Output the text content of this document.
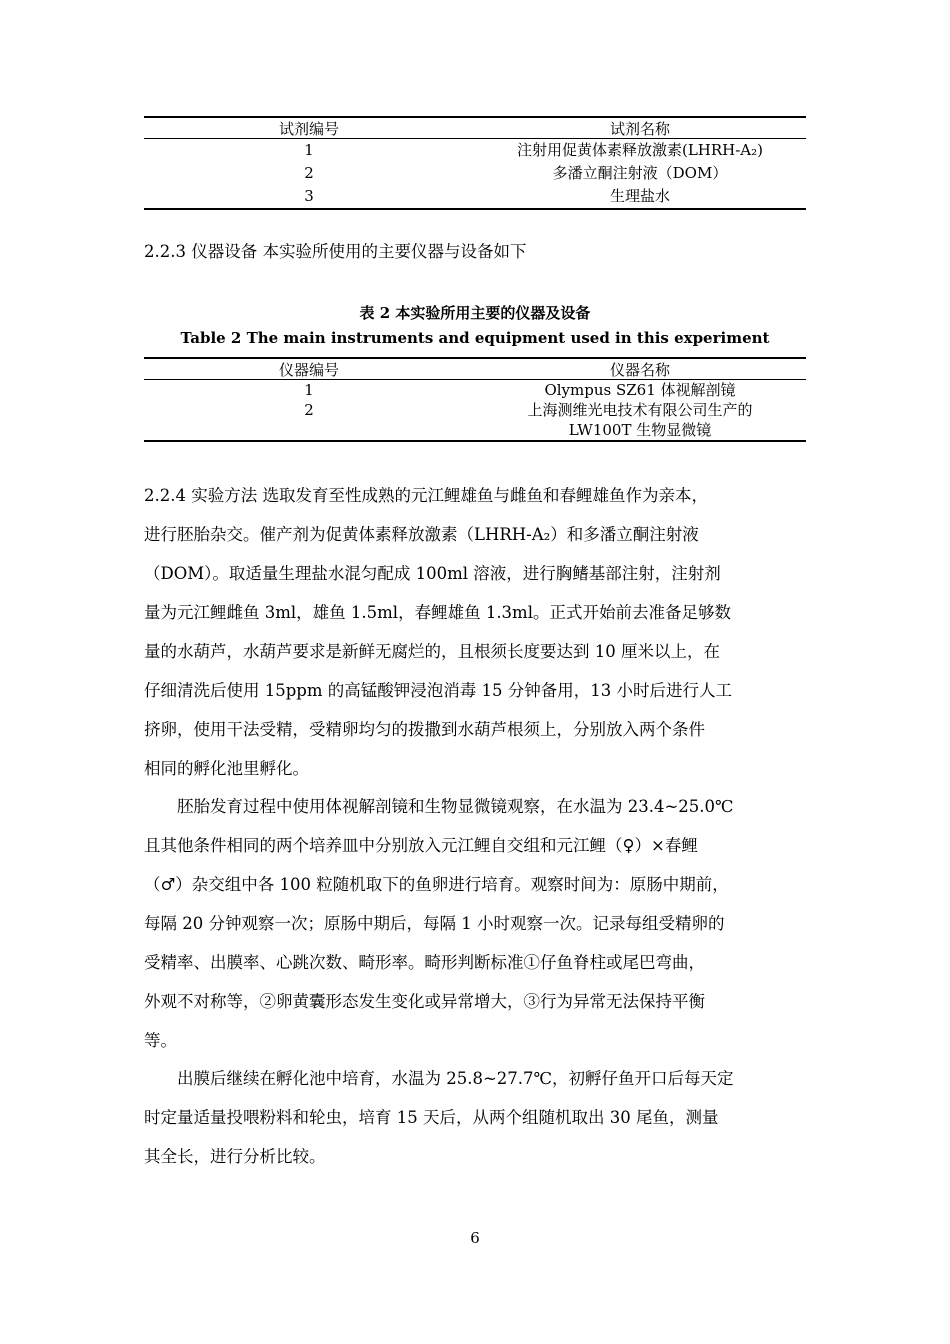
试剂编号	试剂名称
1	注射用促黄体素释放激素(LHRH-A₂)
2	多潘立酮注射液（DOM）
3	生理盐水
2.2.3 仪器设备 本实验所使用的主要仪器与设备如下
表 2 本实验所用主要的仪器及设备
Table 2 The main instruments and equipment used in this experiment
仪器编号	仪器名称
1	Olympus SZ61 体视解剖镜
2	上海测维光电技术有限公司生产的
LW100T 生物显微镜
2.2.4 实验方法 选取发育至性成熟的元江鲤雄鱼与雌鱼和春鲤雄鱼作为亲本，
进行胚胎杂交。催产剂为促黄体素释放激素（LHRH-A₂）和多潘立酮注射液
（DOM）。取适量生理盐水混匀配成 100ml 溶液，进行胸鳍基部注射，注射剂
量为元江鲤雌鱼 3ml，雄鱼 1.5ml，春鲤雄鱼 1.3ml。正式开始前去准备足够数
量的水葫芦，水葫芦要求是新鲜无腐烂的，且根须长度要达到 10 厘米以上，在
仔细清洗后使用 15ppm 的高锰酸钾浸泡消毒 15 分钟备用，13 小时后进行人工
挤卵，使用干法受精，受精卵均匀的拨撒到水葫芦根须上，分别放入两个条件
相同的孵化池里孵化。
　　胚胎发育过程中使用体视解剖镜和生物显微镜观察，在水温为 23.4~25.0℃
且其他条件相同的两个培养皿中分别放入元江鲤自交组和元江鲤（♀）×春鲤
（♂）杂交组中各 100 粒随机取下的鱼卵进行培育。观察时间为：原肠中期前，
每隔 20 分钟观察一次；原肠中期后，每隔 1 小时观察一次。记录每组受精卵的
受精率、出膜率、心跳次数、畸形率。畸形判断标准①仔鱼脊柱或尾巴弯曲，
外观不对称等，②卵黄囊形态发生变化或异常增大，③行为异常无法保持平衡
等。
　　出膜后继续在孵化池中培育，水温为 25.8~27.7℃，初孵仔鱼开口后每天定
时定量适量投喂粉料和轮虫，培育 15 天后，从两个组随机取出 30 尾鱼，测量
其全长，进行分析比较。
6
